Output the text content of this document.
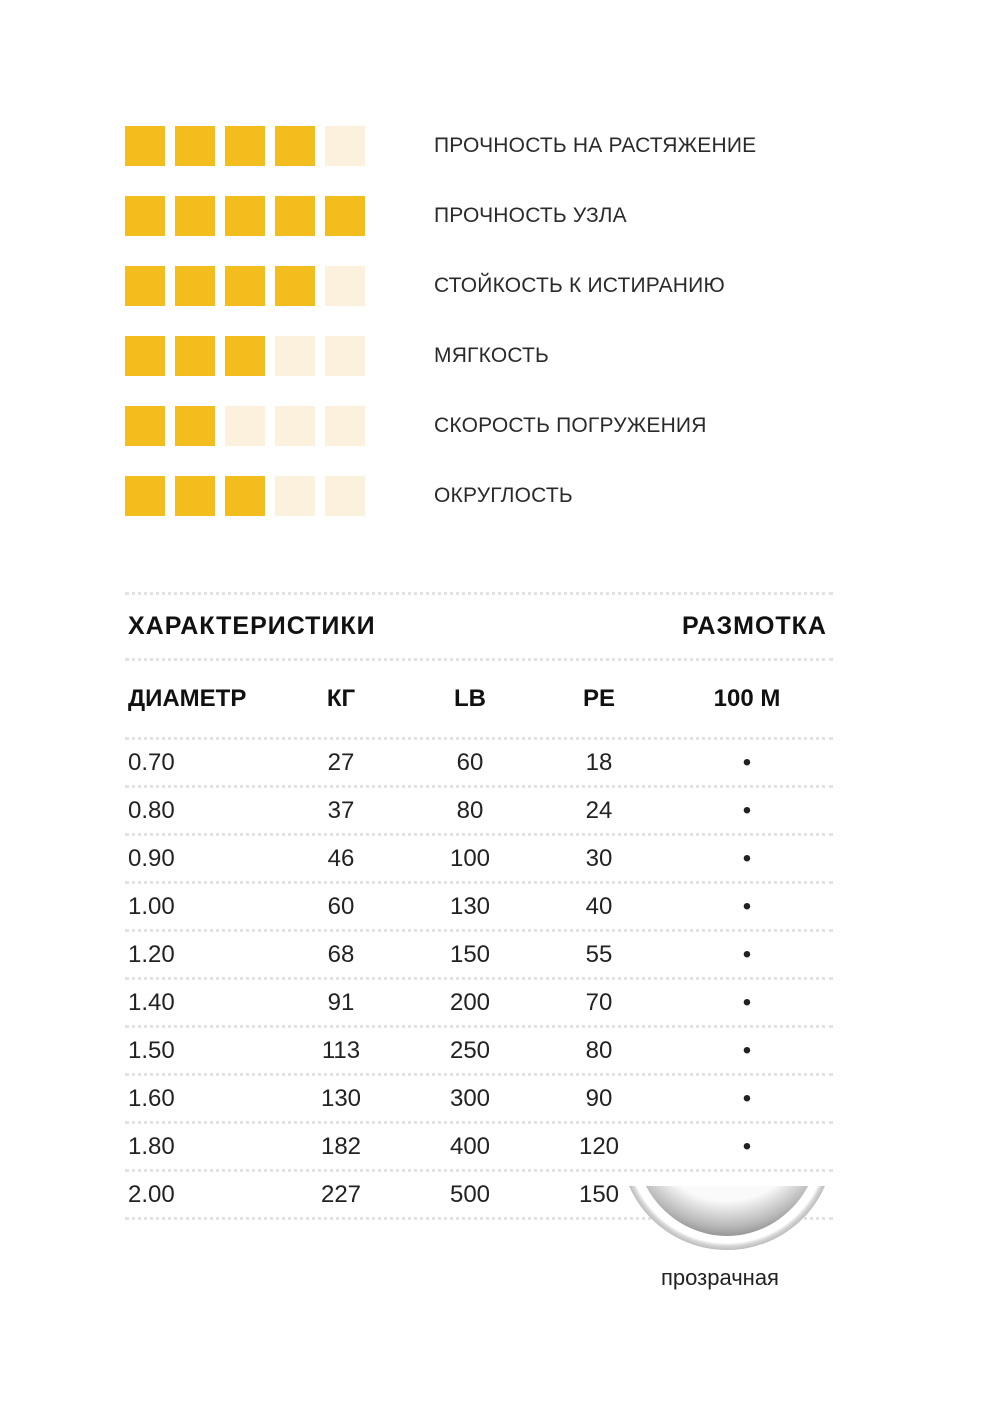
ПРОЧНОСТЬ НА РАСТЯЖЕНИЕ
ПРОЧНОСТЬ УЗЛА
СТОЙКОСТЬ К ИСТИРАНИЮ
МЯГКОСТЬ
СКОРОСТЬ ПОГРУЖЕНИЯ
ОКРУГЛОСТЬ
ХАРАКТЕРИСТИКИ	РАЗМОТКА
ДИАМЕТР	КГ	LB	PE	100 М
0.70	27	60	18	•
0.80	37	80	24	•
0.90	46	100	30	•
1.00	60	130	40	•
1.20	68	150	55	•
1.40	91	200	70	•
1.50	113	250	80	•
1.60	130	300	90	•
1.80	182	400	120	•
2.00	227	500	150
прозрачная
